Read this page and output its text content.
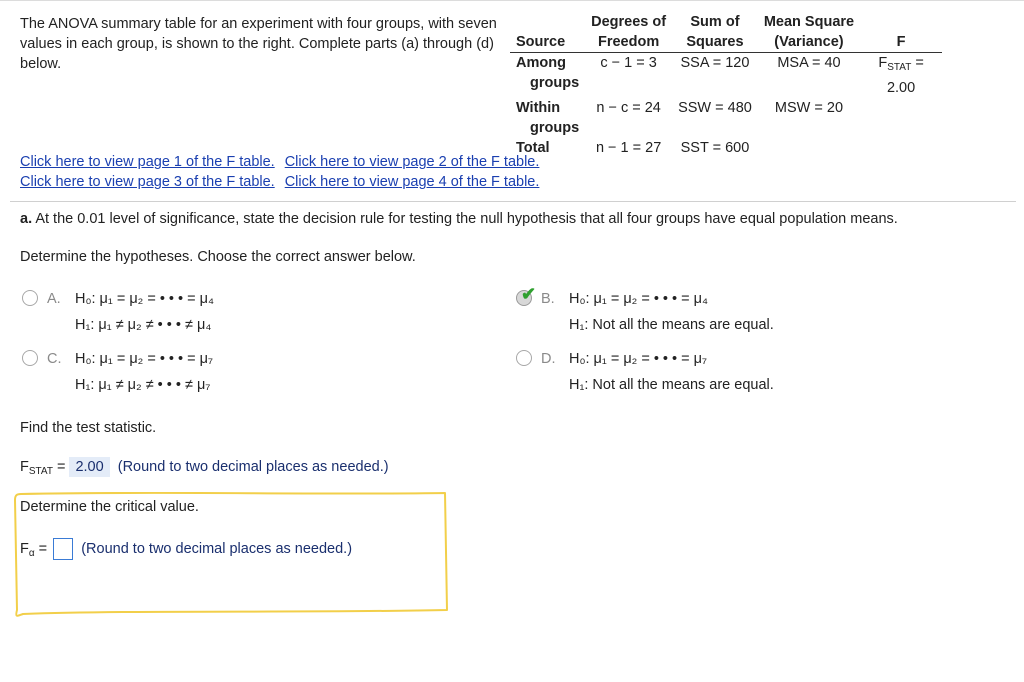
The ANOVA summary table for an experiment with four groups, with seven values in each group, is shown to the right. Complete parts (a) through (d) below.
	Degrees of	Sum of	Mean Square	
Source	Freedom	Squares	(Variance)	F
Among
groups	c − 1 = 3	SSA = 120	MSA = 40	$F_{STAT} = 2.00$
Within
groups	n − c = 24	SSW = 480	MSW = 20	
Total	n − 1 = 27	SST = 600		
Click here to view page 1 of the F table. Click here to view page 2 of the F table.
Click here to view page 3 of the F table. Click here to view page 4 of the F table.
a. At the 0.01 level of significance, state the decision rule for testing the null hypothesis that all four groups have equal population means.
Determine the hypotheses. Choose the correct answer below.
A. H₀: μ₁ = μ₂ = • • • = μ₄
H₁: μ₁ ≠ μ₂ ≠ • • • ≠ μ₄
✔ B. H₀: μ₁ = μ₂ = • • • = μ₄
H₁: Not all the means are equal.
C. H₀: μ₁ = μ₂ = • • • = μ₇
H₁: μ₁ ≠ μ₂ ≠ • • • ≠ μ₇
D. H₀: μ₁ = μ₂ = • • • = μ₇
H₁: Not all the means are equal.
Find the test statistic.
$F_{STAT} = 2.00$ (Round to two decimal places as needed.)
Determine the critical value.
$F_\alpha$ =  (Round to two decimal places as needed.)
